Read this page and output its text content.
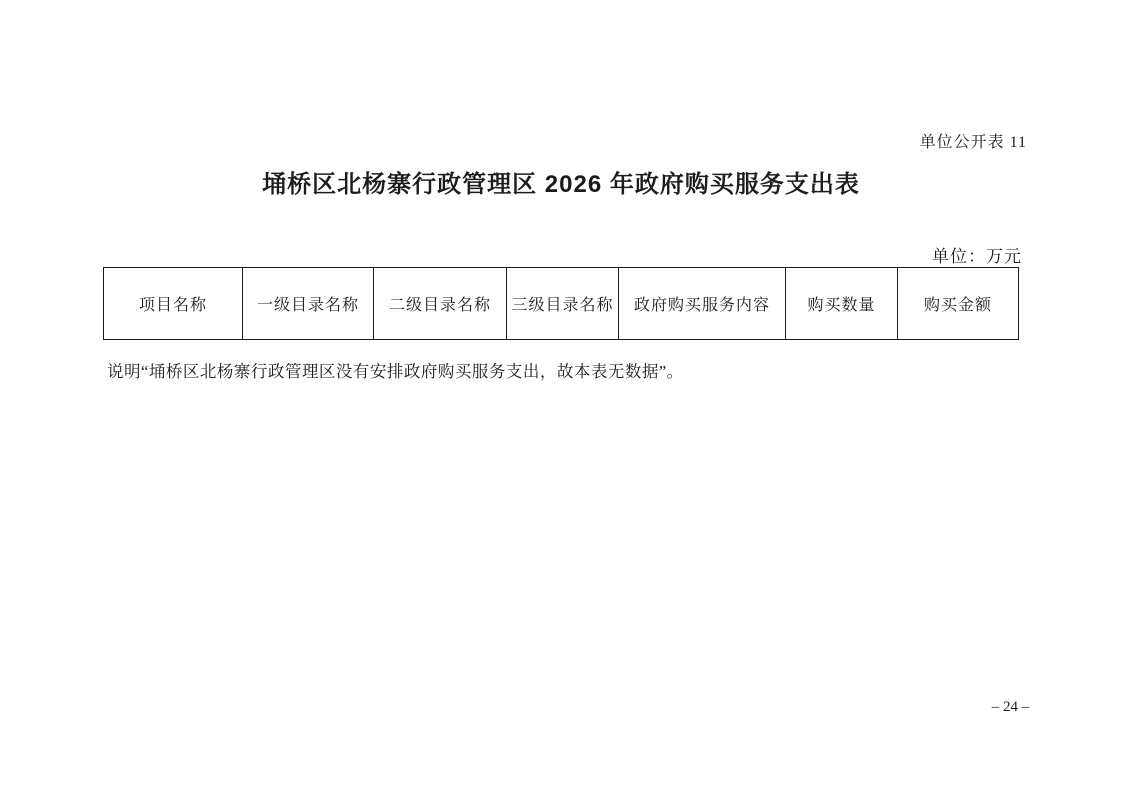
单位公开表 11
埇桥区北杨寨行政管理区 2026 年政府购买服务支出表
单位：万元
项目名称	一级目录名称	二级目录名称	三级目录名称	政府购买服务内容	购买数量	购买金额
说明“埇桥区北杨寨行政管理区没有安排政府购买服务支出，故本表无数据”。
– 24 –
